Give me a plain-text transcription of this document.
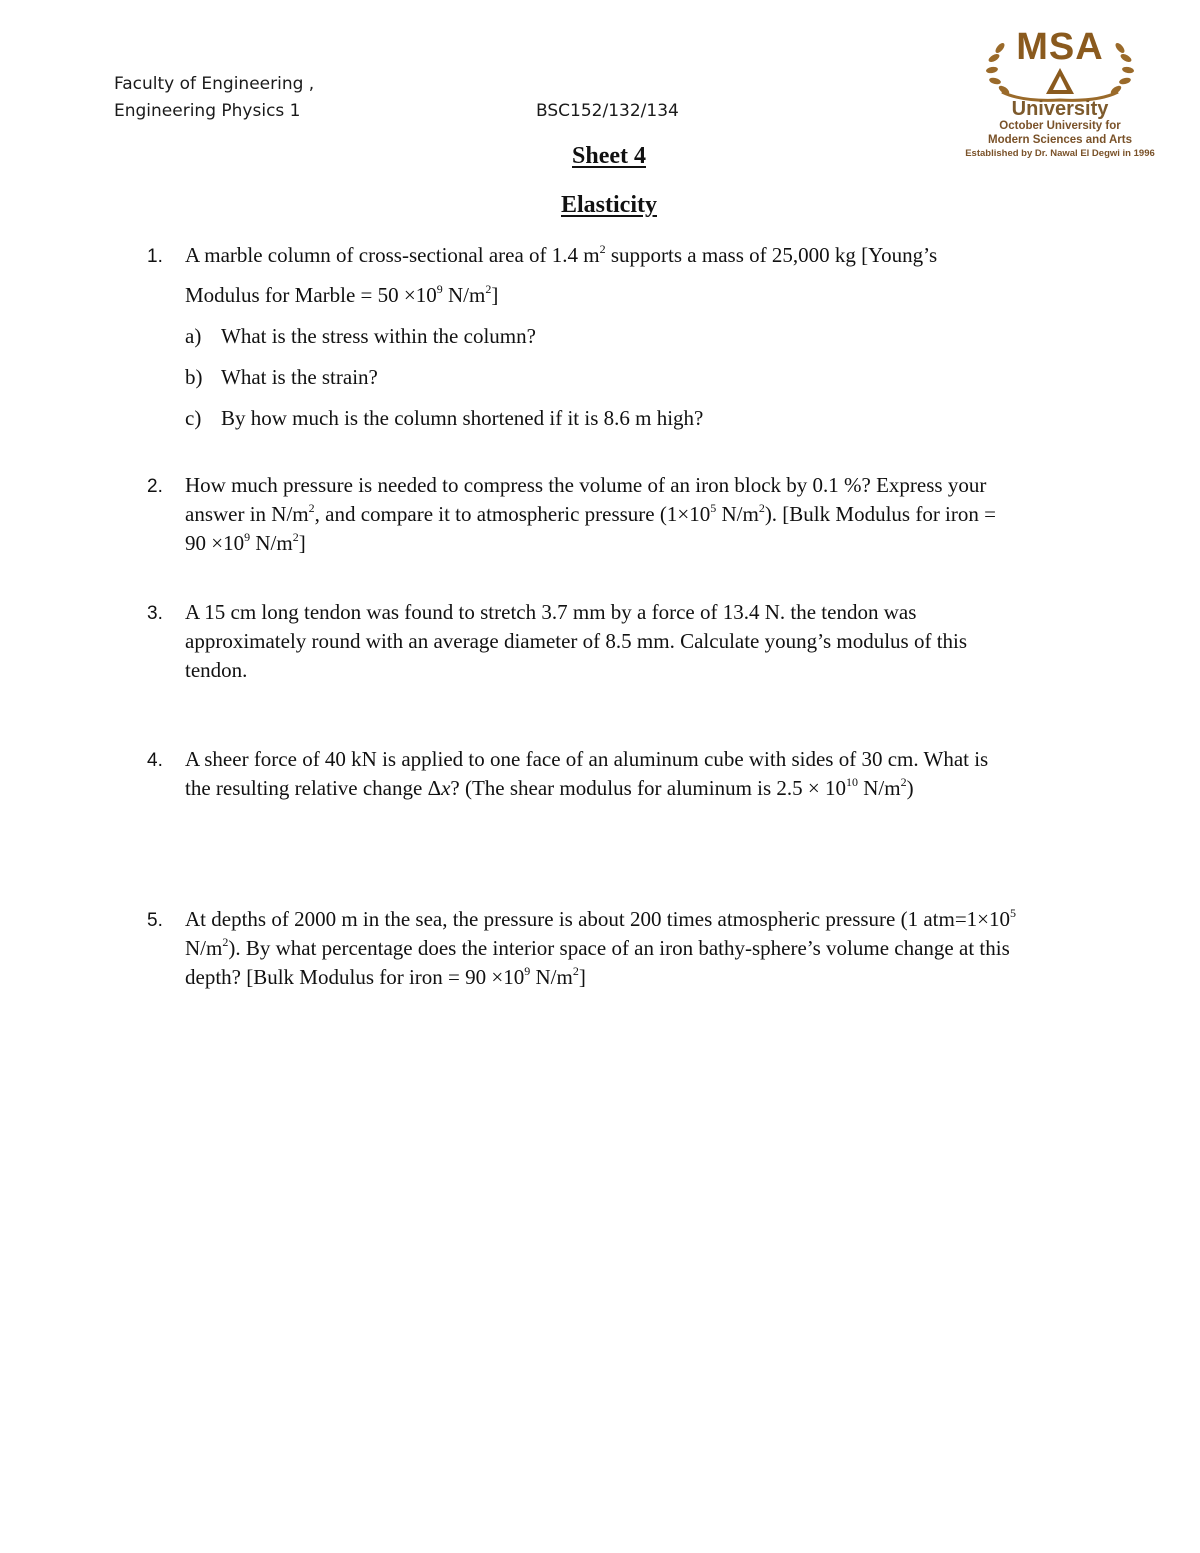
Faculty of Engineering ,
Engineering Physics 1	BSC152/132/134
MSA
University
October University for
Modern Sciences and Arts
Established by Dr. Nawal El Degwi in 1996
Sheet 4
Elasticity
1.	A marble column of cross-sectional area of 1.4 $m^2$ supports a mass of 25,000 kg [Young’s
Modulus for Marble = $50 \times 10^9$ $N/m^2$]
a) What is the stress within the column?
b) What is the strain?
c) By how much is the column shortened if it is 8.6 m high?
2.	How much pressure is needed to compress the volume of an iron block by 0.1 %? Express your
answer in $N/m^2$, and compare it to atmospheric pressure ($1\times 10^5$ $N/m^2$). [Bulk Modulus for iron =
$90 \times 10^9$ $N/m^2$]
3.	A 15 cm long tendon was found to stretch 3.7 mm by a force of 13.4 N. the tendon was
approximately round with an average diameter of 8.5 mm. Calculate young’s modulus of this
tendon.
4.	A sheer force of 40 kN is applied to one face of an aluminum cube with sides of 30 cm. What is
the resulting relative change Δx? (The shear modulus for aluminum is $2.5 \times 10^{10}$ $N/m^2$)
5.	At depths of 2000 m in the sea, the pressure is about 200 times atmospheric pressure (1 $atm=1\times 10^5$
$N/m^2$). By what percentage does the interior space of an iron bathy-sphere’s volume change at this
depth? [Bulk Modulus for iron = $90 \times 10^9$ $N/m^2$]
